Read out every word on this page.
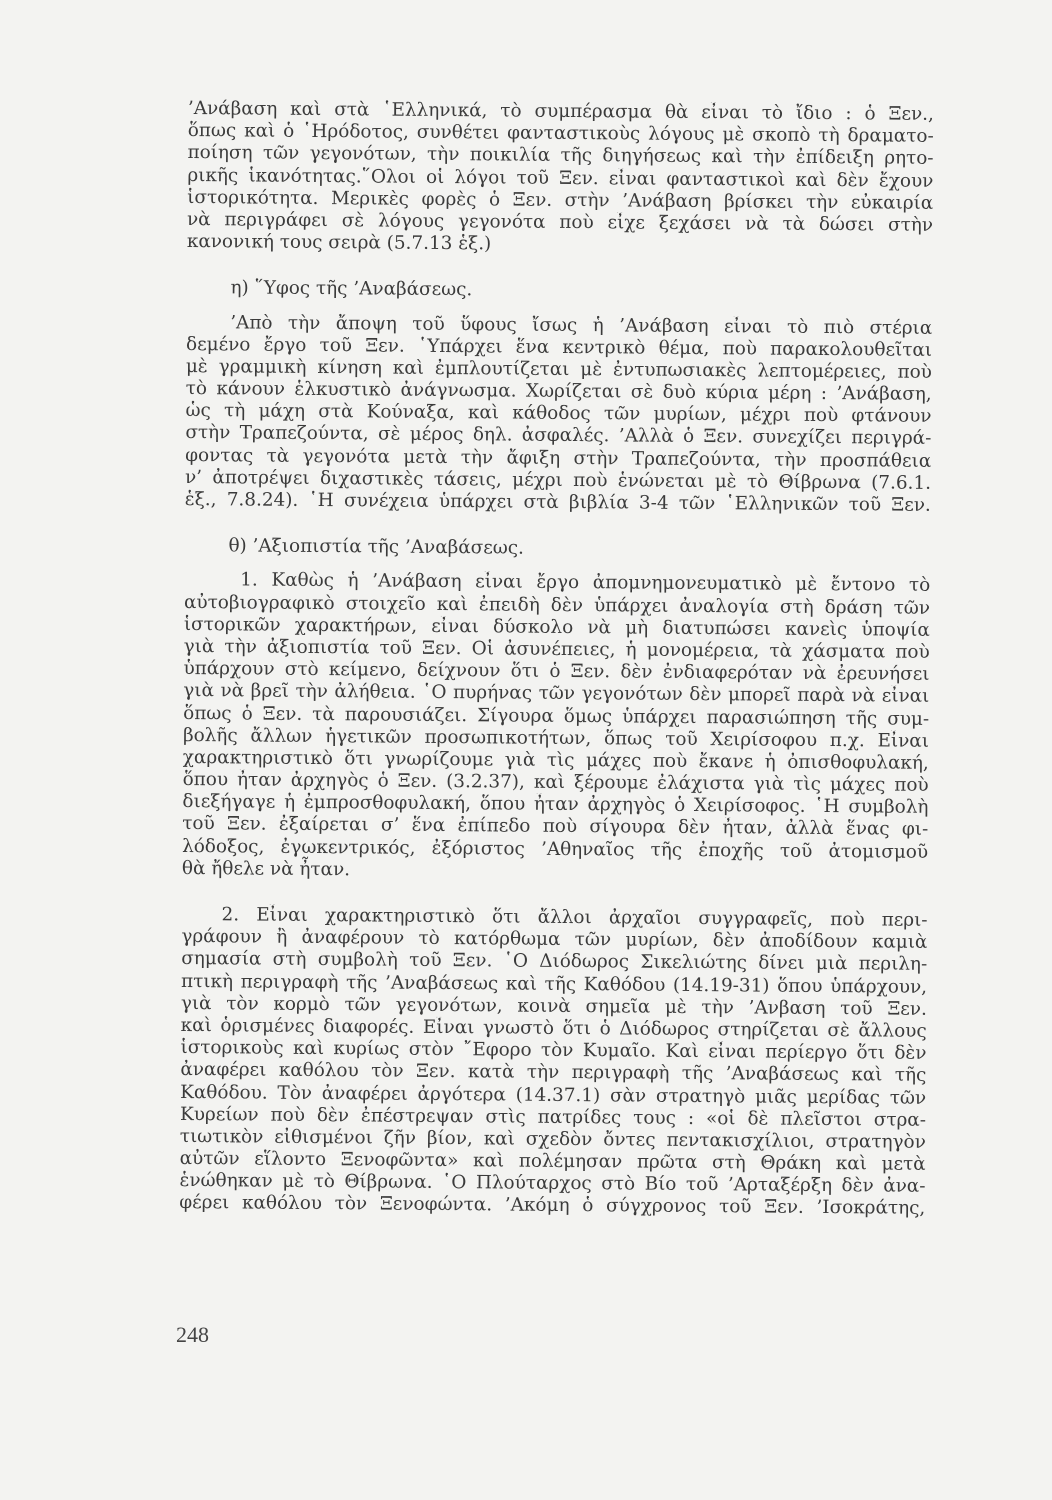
’Ανάβαση καὶ στὰ ῾Ελληνικά, τὸ συμπέρασμα θὰ εἶναι τὸ ἴδιο : ὁ Ξεν.,
ὅπως καὶ ὁ ῾Ηρόδοτος, συνθέτει φανταστικοὺς λόγους μὲ σκοπὸ τὴ δραματο-
ποίηση τῶν γεγονότων, τὴν ποικιλία τῆς διηγήσεως καὶ τὴν ἐπίδειξη ρητο-
ρικῆς ἱκανότητας.῞Ολοι οἱ λόγοι τοῦ Ξεν. εἶναι φανταστικοὶ καὶ δὲν ἔχουν
ἱστορικότητα. Μερικὲς φορὲς ὁ Ξεν. στὴν ’Ανάβαση βρίσκει τὴν εὐκαιρία
νὰ περιγράφει σὲ λόγους γεγονότα ποὺ εἶχε ξεχάσει νὰ τὰ δώσει στὴν
κανονική τους σειρὰ (5.7.13 ἑξ.)
η) ῞Υφος τῆς ’Αναβάσεως.
’Απὸ τὴν ἄποψη τοῦ ὕφους ἴσως ἡ ’Ανάβαση εἶναι τὸ πιὸ στέρια
δεμένο ἔργο τοῦ Ξεν. ῾Υπάρχει ἕνα κεντρικὸ θέμα, ποὺ παρακολουθεῖται
μὲ γραμμικὴ κίνηση καὶ ἐμπλουτίζεται μὲ ἐντυπωσιακὲς λεπτομέρειες, ποὺ
τὸ κάνουν ἑλκυστικὸ ἀνάγνωσμα. Χωρίζεται σὲ δυὸ κύρια μέρη : ’Ανάβαση,
ὡς τὴ μάχη στὰ Κούναξα, καὶ κάθοδος τῶν μυρίων, μέχρι ποὺ φτάνουν
στὴν Τραπεζούντα, σὲ μέρος δηλ. ἀσφαλές. ’Αλλὰ ὁ Ξεν. συνεχίζει περιγρά-
φοντας τὰ γεγονότα μετὰ τὴν ἄφιξη στὴν Τραπεζούντα, τὴν προσπάθεια
ν’ ἀποτρέψει διχαστικὲς τάσεις, μέχρι ποὺ ἑνώνεται μὲ τὸ Θίβρωνα (7.6.1.
ἑξ., 7.8.24). ῾Η συνέχεια ὑπάρχει στὰ βιβλία 3-4 τῶν ῾Ελληνικῶν τοῦ Ξεν.
θ) ’Αξιοπιστία τῆς ’Αναβάσεως.
1. Καθὼς ἡ ’Ανάβαση εἶναι ἔργο ἀπομνημονευματικὸ μὲ ἔντονο τὸ
αὐτοβιογραφικὸ στοιχεῖο καὶ ἐπειδὴ δὲν ὑπάρχει ἀναλογία στὴ δράση τῶν
ἱστορικῶν χαρακτήρων, εἶναι δύσκολο νὰ μὴ διατυπώσει κανεὶς ὑποψία
γιὰ τὴν ἀξιοπιστία τοῦ Ξεν. Οἱ ἀσυνέπειες, ἡ μονομέρεια, τὰ χάσματα ποὺ
ὑπάρχουν στὸ κείμενο, δείχνουν ὅτι ὁ Ξεν. δὲν ἐνδιαφερόταν νὰ ἐρευνήσει
γιὰ νὰ βρεῖ τὴν ἀλήθεια. ῾Ο πυρήνας τῶν γεγονότων δὲν μπορεῖ παρὰ νὰ εἶναι
ὅπως ὁ Ξεν. τὰ παρουσιάζει. Σίγουρα ὅμως ὑπάρχει παρασιώπηση τῆς συμ-
βολῆς ἄλλων ἡγετικῶν προσωπικοτήτων, ὅπως τοῦ Χειρίσοφου π.χ. Εἶναι
χαρακτηριστικὸ ὅτι γνωρίζουμε γιὰ τὶς μάχες ποὺ ἔκανε ἡ ὀπισθοφυλακή,
ὅπου ἦταν ἀρχηγὸς ὁ Ξεν. (3.2.37), καὶ ξέρουμε ἐλάχιστα γιὰ τὶς μάχες ποὺ
διεξήγαγε ἡ ἐμπροσθοφυλακή, ὅπου ἦταν ἀρχηγὸς ὁ Χειρίσοφος. ῾Η συμβολὴ
τοῦ Ξεν. ἐξαίρεται σ’ ἕνα ἐπίπεδο ποὺ σίγουρα δὲν ἦταν, ἀλλὰ ἕνας φι-
λόδοξος, ἐγωκεντρικός, ἐξόριστος ’Αθηναῖος τῆς ἐποχῆς τοῦ ἀτομισμοῦ
θὰ ἤθελε νὰ ἦταν.
2. Εἶναι χαρακτηριστικὸ ὅτι ἄλλοι ἀρχαῖοι συγγραφεῖς, ποὺ περι-
γράφουν ἢ ἀναφέρουν τὸ κατόρθωμα τῶν μυρίων, δὲν ἀποδίδουν καμιὰ
σημασία στὴ συμβολὴ τοῦ Ξεν. ῾Ο Διόδωρος Σικελιώτης δίνει μιὰ περιλη-
πτικὴ περιγραφὴ τῆς ’Αναβάσεως καὶ τῆς Καθόδου (14.19-31) ὅπου ὑπάρχουν,
γιὰ τὸν κορμὸ τῶν γεγονότων, κοινὰ σημεῖα μὲ τὴν ’Ανβαση τοῦ Ξεν.
καὶ ὁρισμένες διαφορές. Εἶναι γνωστὸ ὅτι ὁ Διόδωρος στηρίζεται σὲ ἄλλους
ἱστορικοὺς καὶ κυρίως στὸν ῎Εφορο τὸν Κυμαῖο. Καὶ εἶναι περίεργο ὅτι δὲν
ἀναφέρει καθόλου τὸν Ξεν. κατὰ τὴν περιγραφὴ τῆς ’Αναβάσεως καὶ τῆς
Καθόδου. Τὸν ἀναφέρει ἀργότερα (14.37.1) σὰν στρατηγὸ μιᾶς μερίδας τῶν
Κυρείων ποὺ δὲν ἐπέστρεψαν στὶς πατρίδες τους : «οἱ δὲ πλεῖστοι στρα-
τιωτικὸν εἰθισμένοι ζῆν βίον, καὶ σχεδὸν ὄντες πεντακισχίλιοι, στρατηγὸν
αὐτῶν εἵλοντο Ξενοφῶντα» καὶ πολέμησαν πρῶτα στὴ Θράκη καὶ μετὰ
ἑνώθηκαν μὲ τὸ Θίβρωνα. ῾Ο Πλούταρχος στὸ Βίο τοῦ ’Αρταξέρξη δὲν ἀνα-
φέρει καθόλου τὸν Ξενοφώντα. ’Ακόμη ὁ σύγχρονος τοῦ Ξεν. ’Ισοκράτης,
248
